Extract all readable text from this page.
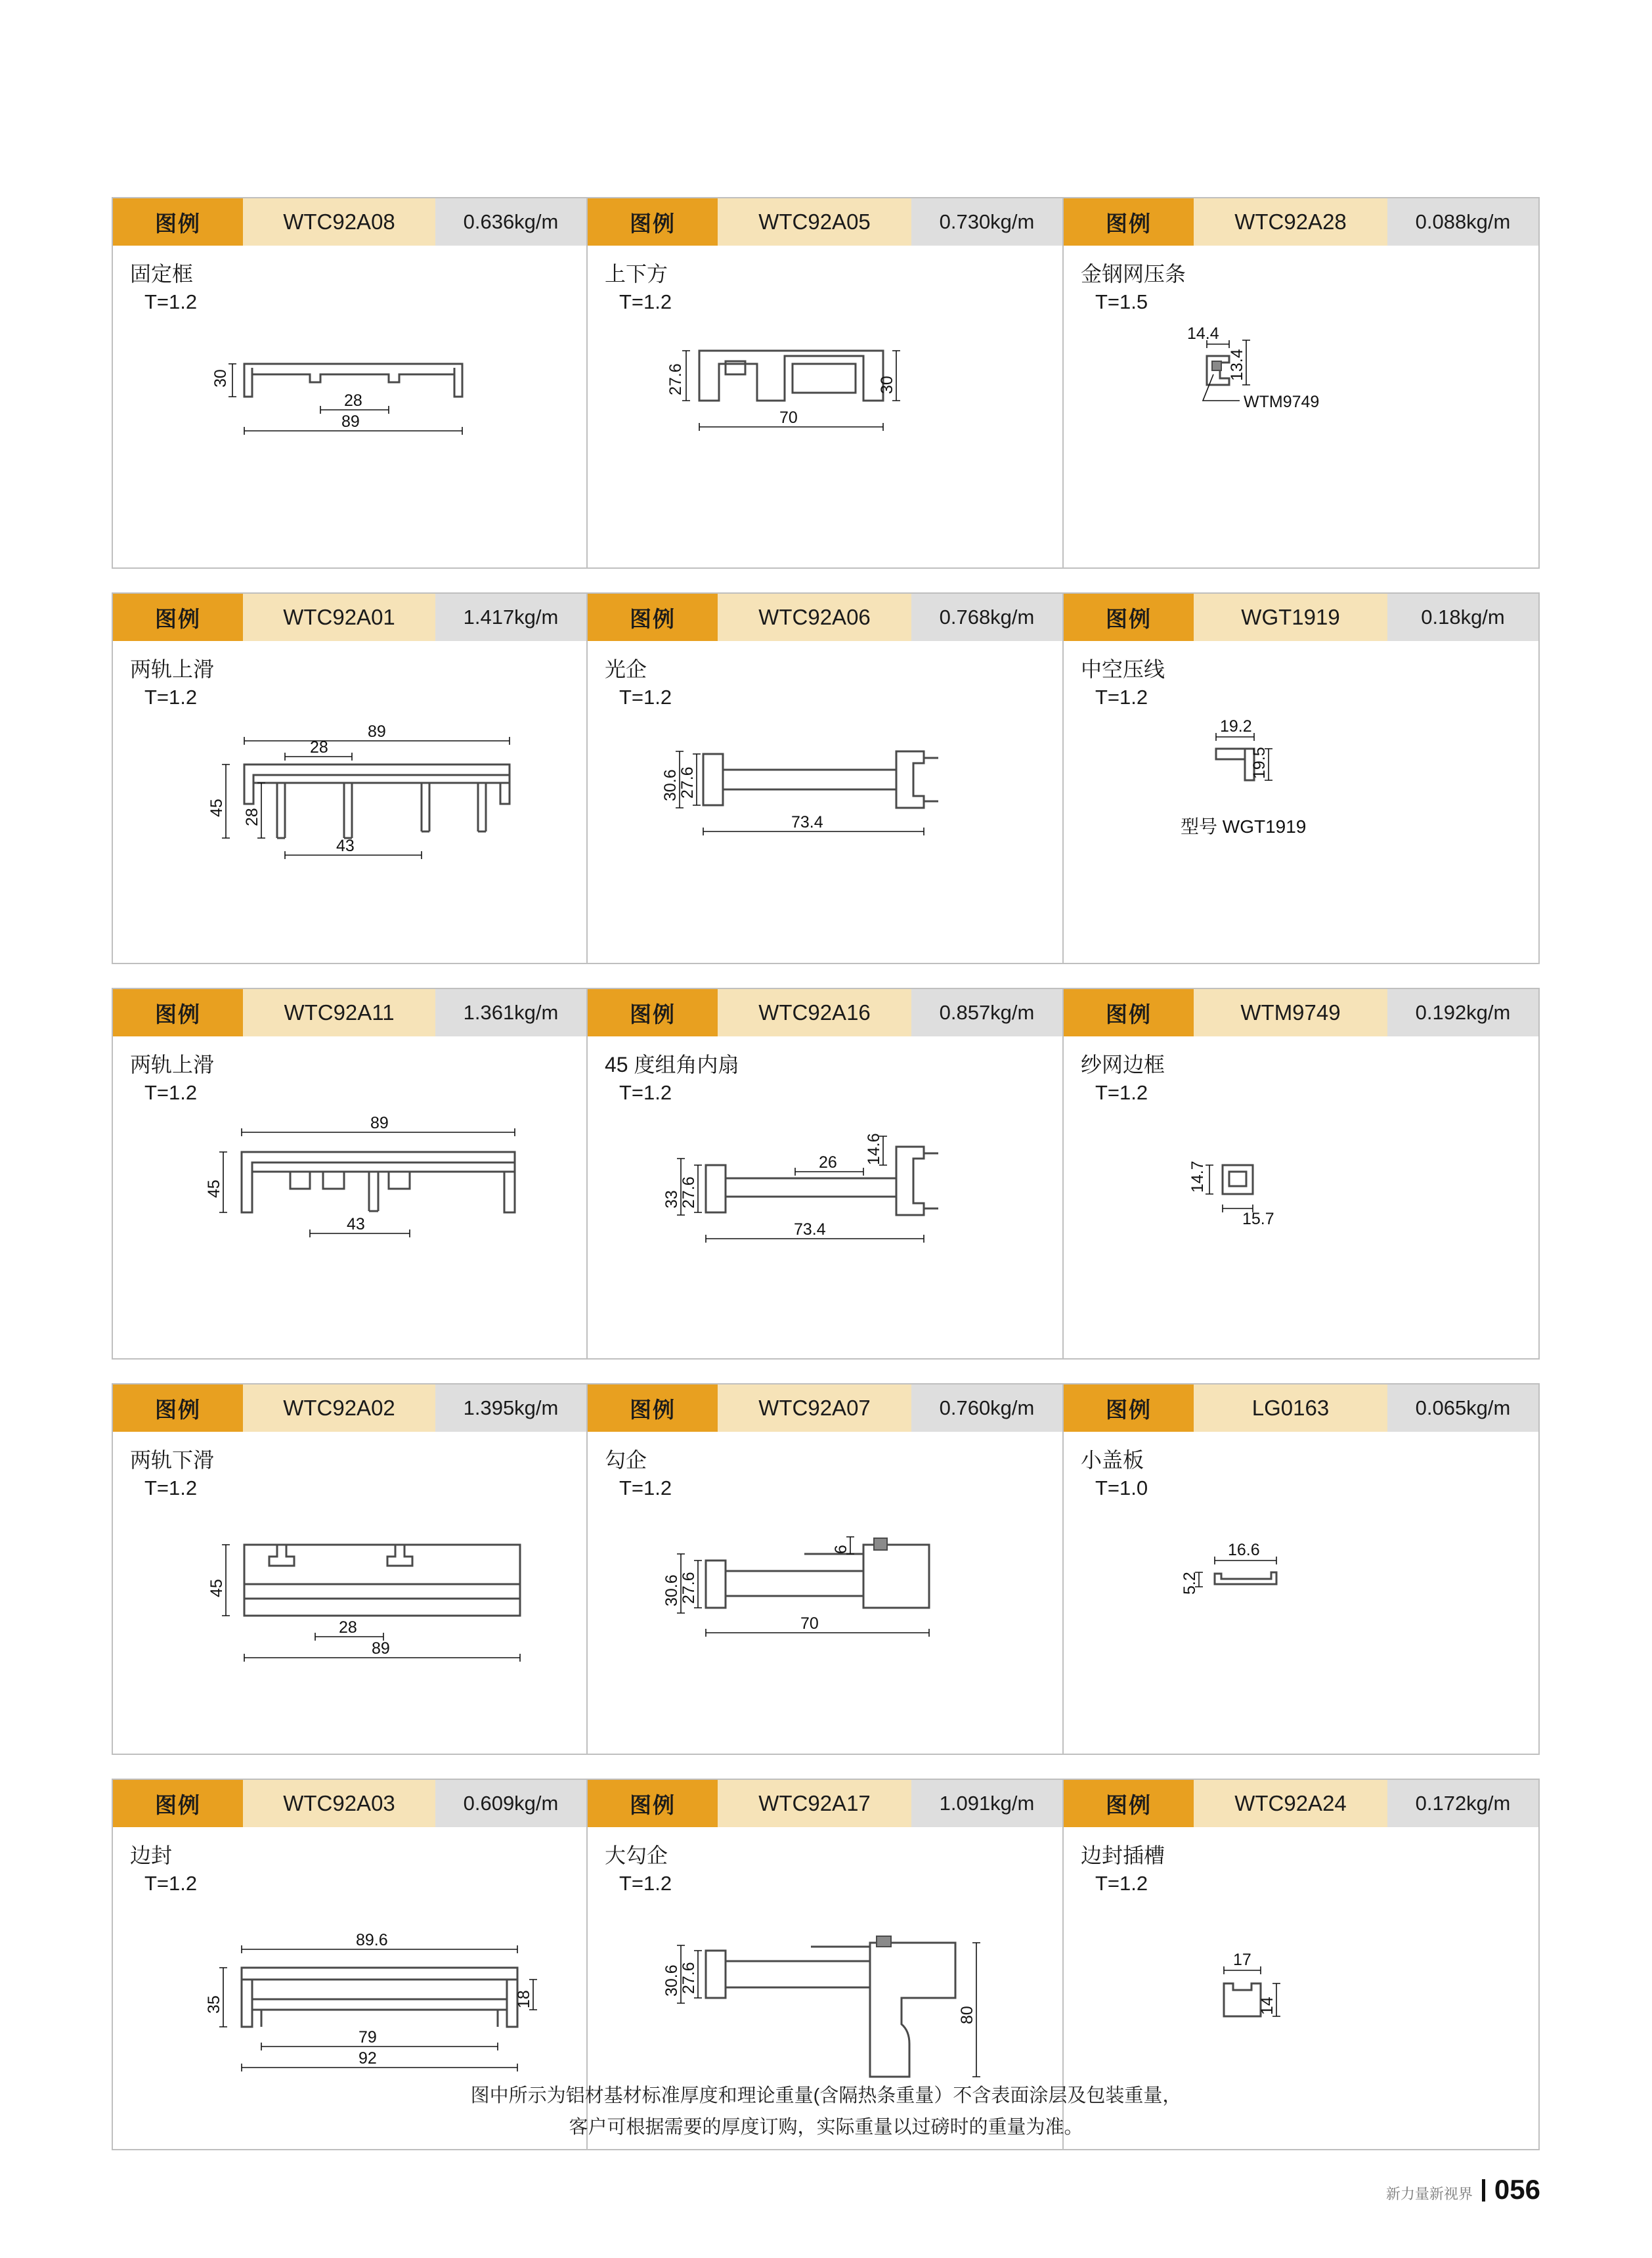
图例	WTC92A08	0.636kg/m
固定框
T=1.2
30
28
89
图例	WTC92A05	0.730kg/m
上下方
T=1.2
27.6	30
70
图例	WTC92A28	0.088kg/m
金钢网压条
T=1.5
14.4
13.4
WTM9749
图例	WTC92A01	1.417kg/m
两轨上滑
T=1.2
89
28
45
28
43
图例	WTC92A06	0.768kg/m
光企
T=1.2
30.6
27.6
73.4
图例	WGT1919	0.18kg/m
中空压线
T=1.2
19.2
19.5
型号 WGT1919
图例	WTC92A11	1.361kg/m
两轨上滑
T=1.2
89
45
43
图例	WTC92A16	0.857kg/m
45 度组角内扇
T=1.2
14.6
33
27.6
26
73.4
图例	WTM9749	0.192kg/m
纱网边框
T=1.2
14.7
15.7
图例	WTC92A02	1.395kg/m
两轨下滑
T=1.2
45
28
89
图例	WTC92A07	0.760kg/m
勾企
T=1.2
6
30.6
27.6
70
图例	LG0163	0.065kg/m
小盖板
T=1.0
16.6
5.2
图例	WTC92A03	0.609kg/m
边封
T=1.2
89.6
18
35
79
92
图例	WTC92A17	1.091kg/m
大勾企
T=1.2
30.6
27.6
80
图例	WTC92A24	0.172kg/m
边封插槽
T=1.2
17
14
图中所示为铝材基材标准厚度和理论重量(含隔热条重量）不含表面涂层及包装重量，
客户可根据需要的厚度订购，实际重量以过磅时的重量为准。
新力量新视界 056
